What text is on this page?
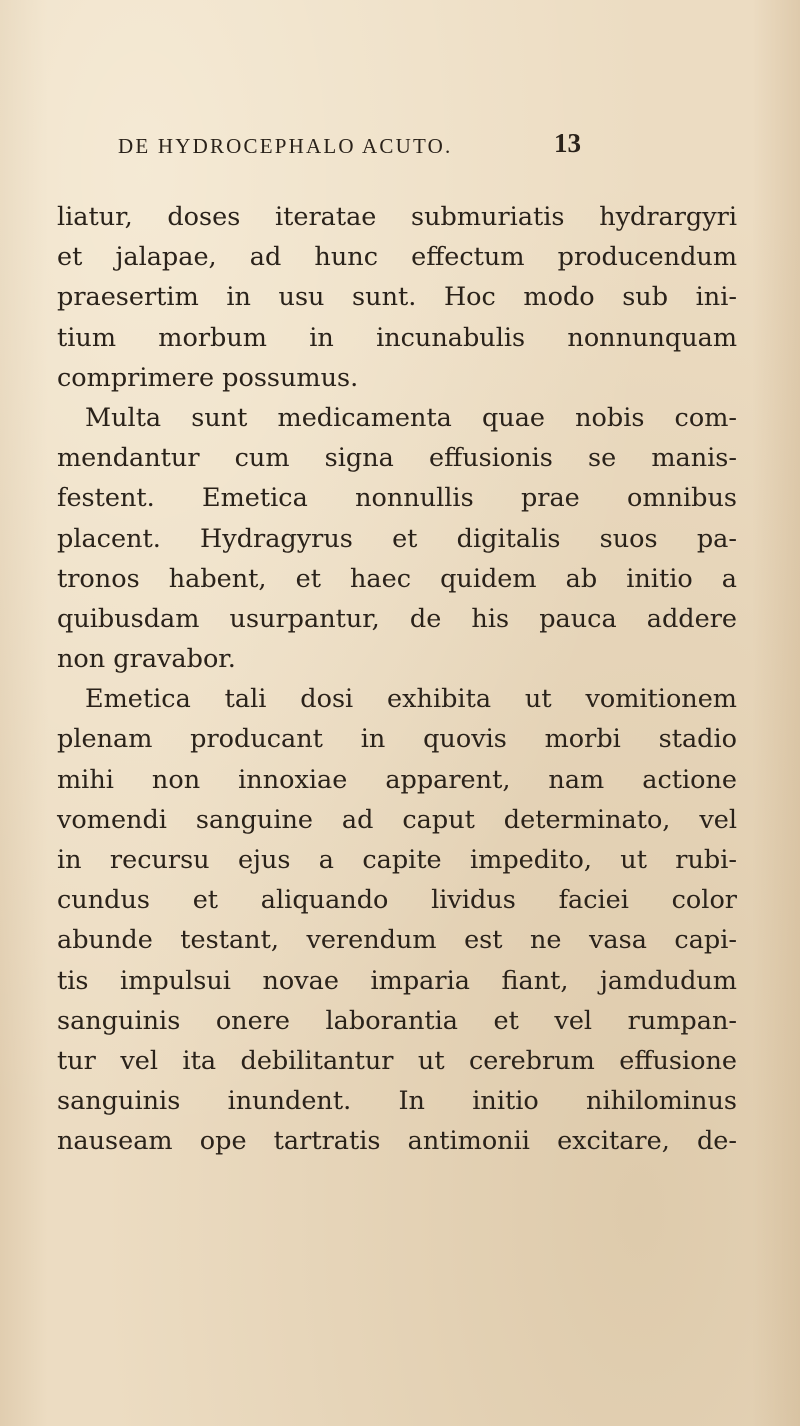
DE HYDROCEPHALO ACUTO.	13
liatur, doses iteratae submuriatis hydrargyri
et jalapae, ad hunc effectum producendum
praesertim in usu sunt. Hoc modo sub ini-
tium morbum in incunabulis nonnunquam
comprimere possumus.
Multa sunt medicamenta quae nobis com-
mendantur cum signa effusionis se manis-
festent. Emetica nonnullis prae omnibus
placent. Hydragyrus et digitalis suos pa-
tronos habent, et haec quidem ab initio a
quibusdam usurpantur, de his pauca addere
non gravabor.
Emetica tali dosi exhibita ut vomitionem
plenam producant in quovis morbi stadio
mihi non innoxiae apparent, nam actione
vomendi sanguine ad caput determinato, vel
in recursu ejus a capite impedito, ut rubi-
cundus et aliquando lividus faciei color
abunde testant, verendum est ne vasa capi-
tis impulsui novae imparia fiant, jamdudum
sanguinis onere laborantia et vel rumpan-
tur vel ita debilitantur ut cerebrum effusione
sanguinis inundent. In initio nihilominus
nauseam ope tartratis antimonii excitare, de-
